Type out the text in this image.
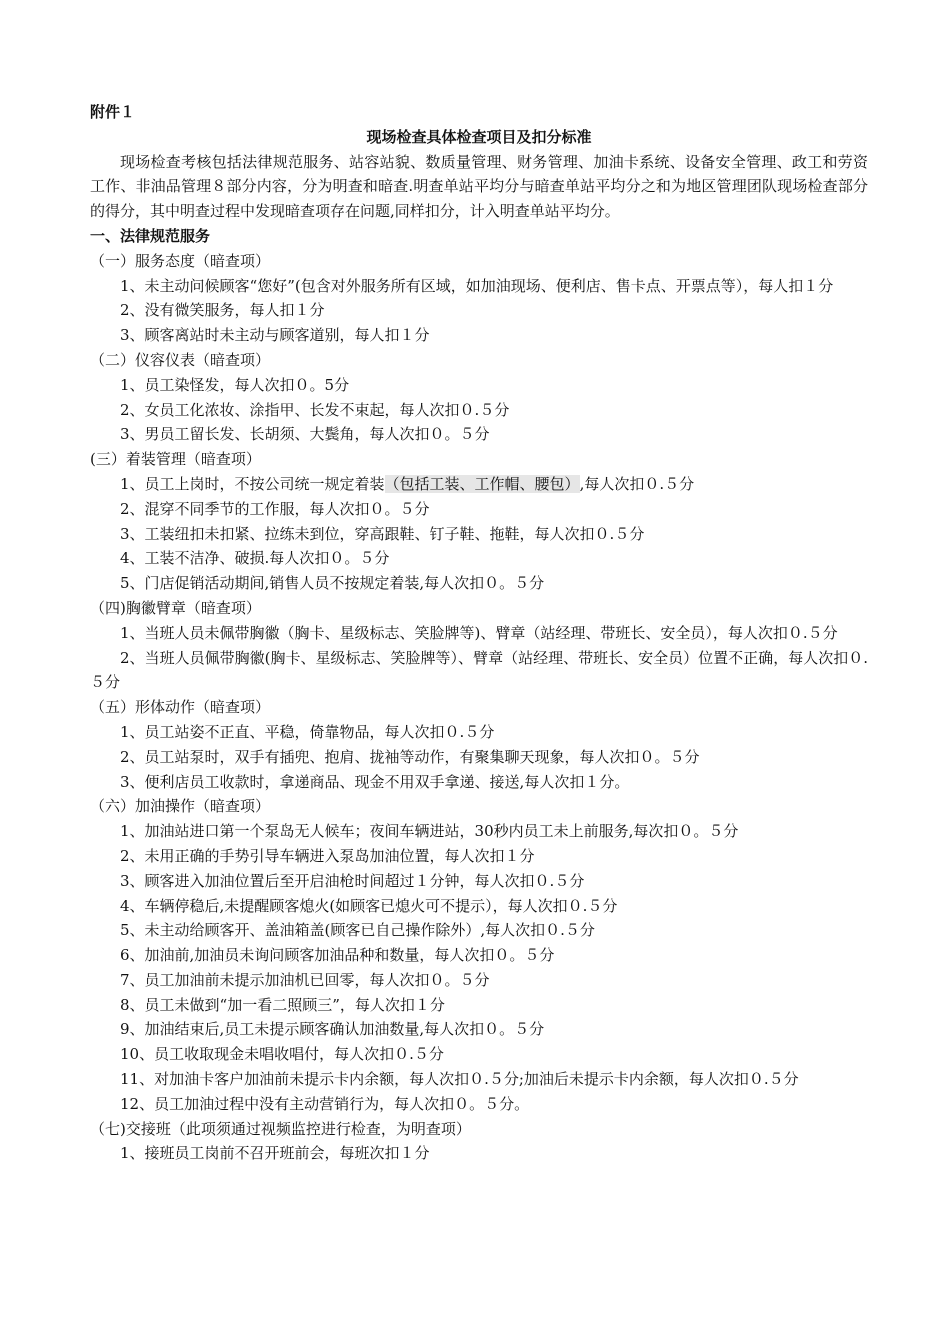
附件１

现场检查具体检查项目及扣分标准

现场检查考核包括法律规范服务、站容站貌、数质量管理、财务管理、加油卡系统、设备安全管理、政工和劳资工作、非油品管理８部分内容，分为明查和暗查.明查单站平均分与暗查单站平均分之和为地区管理团队现场检查部分的得分，其中明查过程中发现暗查项存在问题,同样扣分，计入明查单站平均分。

一、法律规范服务

（一）服务态度（暗查项）

1、未主动问候顾客“您好”(包含对外服务所有区域，如加油现场、便利店、售卡点、开票点等），每人扣１分

2、没有微笑服务，每人扣１分

3、顾客离站时未主动与顾客道别，每人扣１分

（二）仪容仪表（暗查项）

1、员工染怪发，每人次扣０。5分

2、女员工化浓妆、涂指甲、长发不束起，每人次扣０.５分

3、男员工留长发、长胡须、大鬓角，每人次扣０。５分

(三）着装管理（暗查项）

1、员工上岗时，不按公司统一规定着装（包括工装、工作帽、腰包）,每人次扣０.５分

2、混穿不同季节的工作服，每人次扣０。５分

3、工装纽扣未扣紧、拉练未到位，穿高跟鞋、钉子鞋、拖鞋，每人次扣０.５分

4、工装不洁净、破损.每人次扣０。５分

5、门店促销活动期间,销售人员不按规定着装,每人次扣０。５分

（四)胸徽臂章（暗查项）

1、当班人员未佩带胸徽（胸卡、星级标志、笑脸牌等)、臂章（站经理、带班长、安全员），每人次扣０.５分

2、当班人员佩带胸徽(胸卡、星级标志、笑脸牌等）、臂章（站经理、带班长、安全员）位置不正确，每人次扣０.５分

（五）形体动作（暗查项）

1、员工站姿不正直、平稳，倚靠物品，每人次扣０.５分

2、员工站泵时，双手有插兜、抱肩、拢袖等动作，有聚集聊天现象，每人次扣０。５分

3、便利店员工收款时，拿递商品、现金不用双手拿递、接送,每人次扣１分。

（六）加油操作（暗查项）

1、加油站进口第一个泵岛无人候车；夜间车辆进站，30秒内员工未上前服务,每次扣０。５分

2、未用正确的手势引导车辆进入泵岛加油位置，每人次扣１分

3、顾客进入加油位置后至开启油枪时间超过１分钟，每人次扣０.５分

4、车辆停稳后,未提醒顾客熄火(如顾客已熄火可不提示），每人次扣０.５分

5、未主动给顾客开、盖油箱盖(顾客已自己操作除外）,每人次扣０.５分

6、加油前,加油员未询问顾客加油品种和数量，每人次扣０。５分

7、员工加油前未提示加油机已回零，每人次扣０。５分

8、员工未做到“加一看二照顾三”，每人次扣１分

9、加油结束后,员工未提示顾客确认加油数量,每人次扣０。５分

10、员工收取现金未唱收唱付，每人次扣０.５分

11、对加油卡客户加油前未提示卡内余额，每人次扣０.５分;加油后未提示卡内余额，每人次扣０.５分

12、员工加油过程中没有主动营销行为，每人次扣０。５分。

（七)交接班（此项须通过视频监控进行检查，为明查项）

1、接班员工岗前不召开班前会，每班次扣１分
